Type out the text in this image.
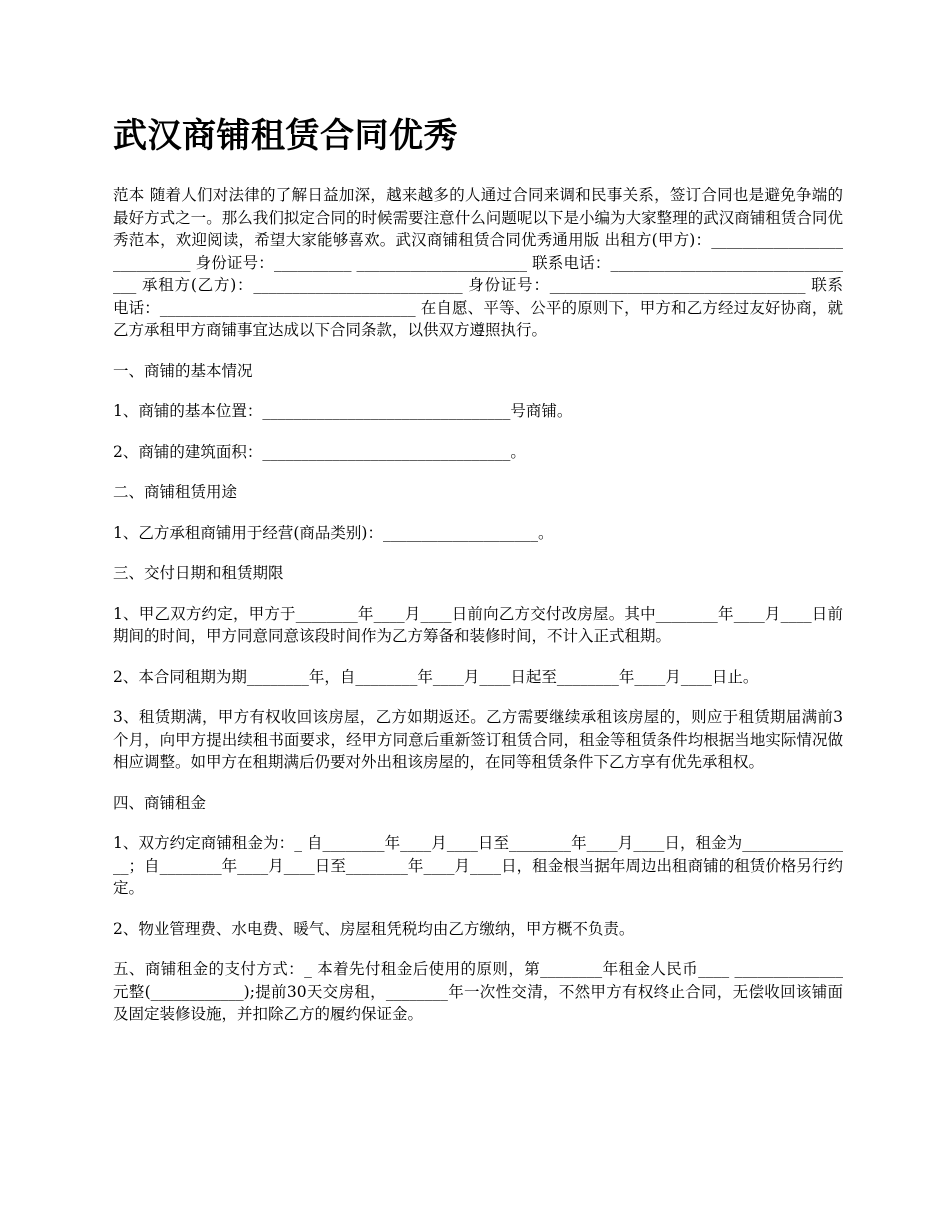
武汉商铺租赁合同优秀

范本 随着人们对法律的了解日益加深，越来越多的人通过合同来调和民事关系，签订合同也是避免争端的最好方式之一。那么我们拟定合同的时候需要注意什么问题呢以下是小编为大家整理的武汉商铺租赁合同优秀范本，欢迎阅读，希望大家能够喜欢。武汉商铺租赁合同优秀通用版 出租方(甲方)：___________________________ 身份证号：__________ ______________________ 联系电话：_________________________________ 承租方(乙方)：___________________________ 身份证号：_________________________________ 联系电话：_________________________________ 在自愿、平等、公平的原则下，甲方和乙方经过友好协商，就乙方承租甲方商铺事宜达成以下合同条款，以供双方遵照执行。

一、商铺的基本情况

1、商铺的基本位置：________________________________号商铺。

2、商铺的建筑面积：________________________________。

二、商铺租赁用途

1、乙方承租商铺用于经营(商品类别)：____________________。

三、交付日期和租赁期限

1、甲乙双方约定，甲方于________年____月____日前向乙方交付改房屋。其中________年____月____日前期间的时间，甲方同意同意该段时间作为乙方筹备和装修时间，不计入正式租期。

2、本合同租期为期________年，自________年____月____日起至________年____月____日止。

3、租赁期满，甲方有权收回该房屋，乙方如期返还。乙方需要继续承租该房屋的，则应于租赁期届满前3个月，向甲方提出续租书面要求，经甲方同意后重新签订租赁合同，租金等租赁条件均根据当地实际情况做相应调整。如甲方在租期满后仍要对外出租该房屋的，在同等租赁条件下乙方享有优先承租权。

四、商铺租金

1、双方约定商铺租金为：_ 自________年____月____日至________年____月____日，租金为_______________；自________年____月____日至________年____月____日，租金根当据年周边出租商铺的租赁价格另行约定。

2、物业管理费、水电费、暖气、房屋租凭税均由乙方缴纳，甲方概不负责。

五、商铺租金的支付方式：_ 本着先付租金后使用的原则，第________年租金人民币____ ______________元整(____________);提前30天交房租，________年一次性交清，不然甲方有权终止合同，无偿收回该铺面及固定装修设施，并扣除乙方的履约保证金。
